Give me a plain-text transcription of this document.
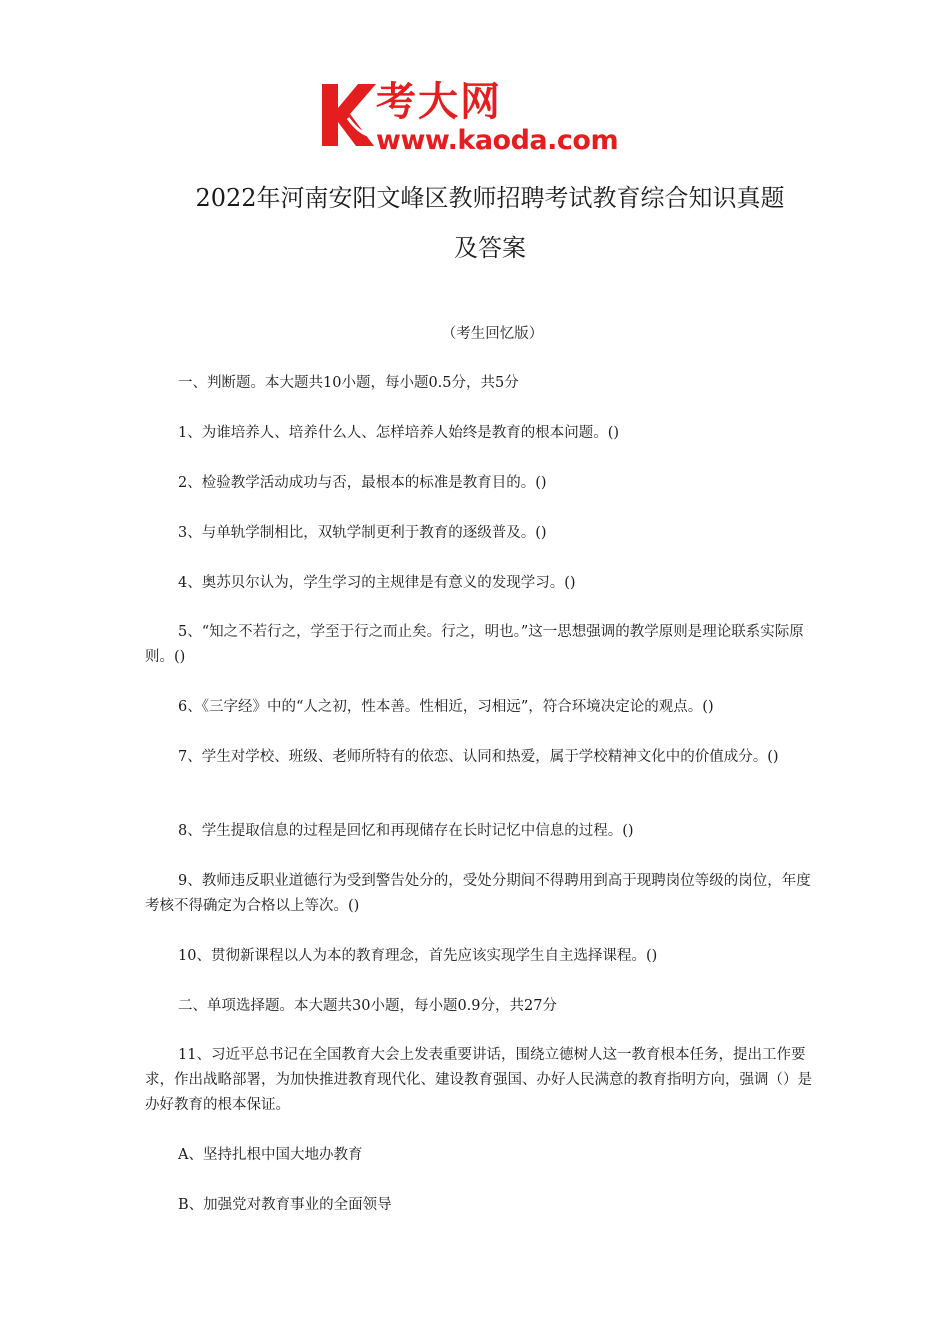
考大网
www.kaoda.com
2022年河南安阳文峰区教师招聘考试教育综合知识真题
及答案
（考生回忆版）
一、判断题。本大题共10小题，每小题0.5分，共5分
1、为谁培养人、培养什么人、怎样培养人始终是教育的根本问题。()
2、检验教学活动成功与否，最根本的标准是教育目的。()
3、与单轨学制相比，双轨学制更利于教育的逐级普及。()
4、奥苏贝尔认为，学生学习的主规律是有意义的发现学习。()
5、“知之不若行之，学至于行之而止矣。行之，明也。”这一思想强调的教学原则是理论联系实际原则。()
6、《三字经》中的“人之初，性本善。性相近，习相远”，符合环境决定论的观点。()
7、学生对学校、班级、老师所特有的依恋、认同和热爱，属于学校精神文化中的价值成分。()
8、学生提取信息的过程是回忆和再现储存在长时记忆中信息的过程。()
9、教师违反职业道德行为受到警告处分的，受处分期间不得聘用到高于现聘岗位等级的岗位，年度考核不得确定为合格以上等次。()
10、贯彻新课程以人为本的教育理念，首先应该实现学生自主选择课程。()
二、单项选择题。本大题共30小题，每小题0.9分，共27分
11、习近平总书记在全国教育大会上发表重要讲话，围绕立德树人这一教育根本任务，提出工作要求，作出战略部署，为加快推进教育现代化、建设教育强国、办好人民满意的教育指明方向，强调（）是办好教育的根本保证。
A、坚持扎根中国大地办教育
B、加强党对教育事业的全面领导
